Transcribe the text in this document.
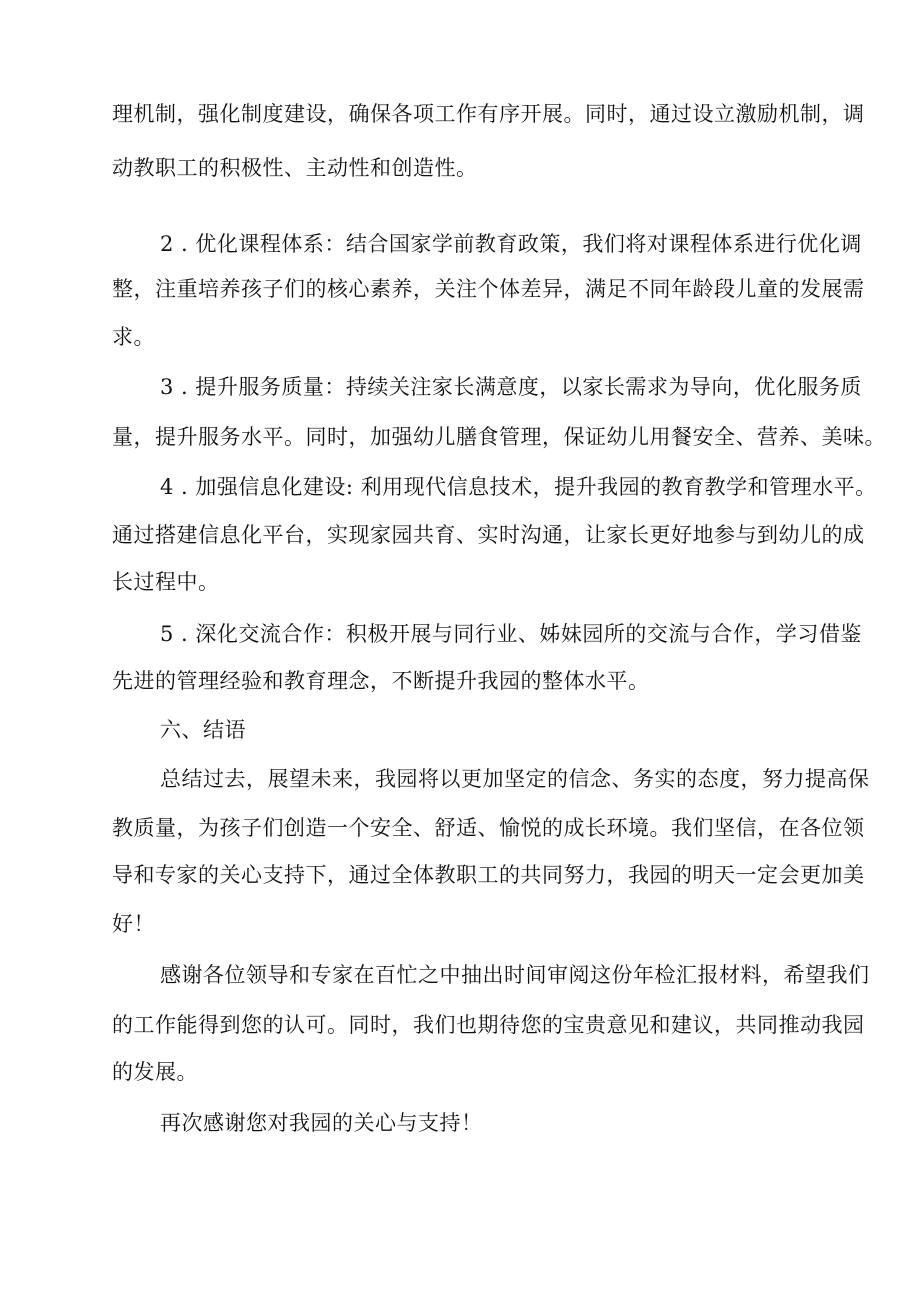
理机制，强化制度建设，确保各项工作有序开展。同时，通过设立激励机制，调
动教职工的积极性、主动性和创造性。
2 . 优化课程体系：结合国家学前教育政策，我们将对课程体系进行优化调
整，注重培养孩子们的核心素养，关注个体差异，满足不同年龄段儿童的发展需
求。
3 . 提升服务质量：持续关注家长满意度，以家长需求为导向，优化服务质
量，提升服务水平。同时，加强幼儿膳食管理，保证幼儿用餐安全、营养、美味。
4 . 加强信息化建设: 利用现代信息技术，提升我园的教育教学和管理水平。
通过搭建信息化平台，实现家园共育、实时沟通，让家长更好地参与到幼儿的成
长过程中。
5 . 深化交流合作：积极开展与同行业、姊妹园所的交流与合作，学习借鉴
先进的管理经验和教育理念，不断提升我园的整体水平。
六、结语
总结过去，展望未来，我园将以更加坚定的信念、务实的态度，努力提高保
教质量，为孩子们创造一个安全、舒适、愉悦的成长环境。我们坚信，在各位领
导和专家的关心支持下，通过全体教职工的共同努力，我园的明天一定会更加美
好！
感谢各位领导和专家在百忙之中抽出时间审阅这份年检汇报材料，希望我们
的工作能得到您的认可。同时，我们也期待您的宝贵意见和建议，共同推动我园
的发展。
再次感谢您对我园的关心与支持！
